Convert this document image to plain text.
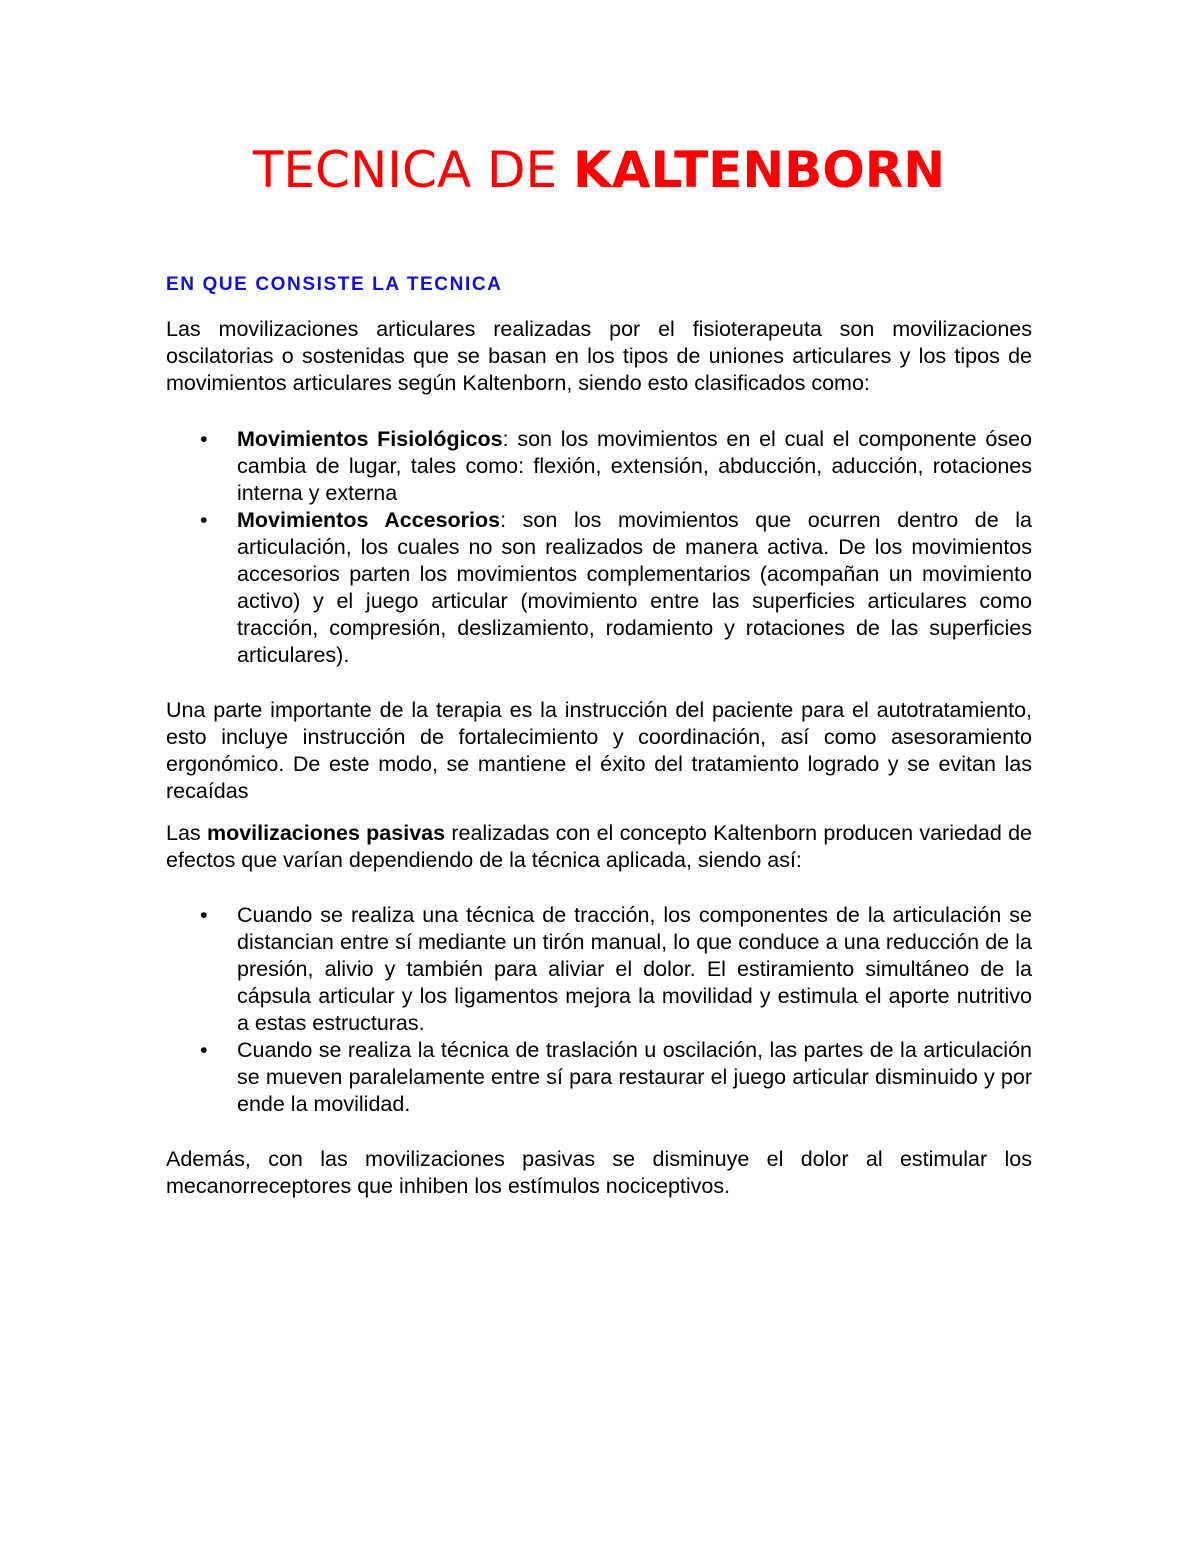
TECNICA DE KALTENBORN
EN QUE CONSISTE LA TECNICA

Las movilizaciones articulares realizadas por el fisioterapeuta son movilizaciones oscilatorias o sostenidas que se basan en los tipos de uniones articulares y los tipos de movimientos articulares según Kaltenborn, siendo esto clasificados como:

• Movimientos Fisiológicos: son los movimientos en el cual el componente óseo cambia de lugar, tales como: flexión, extensión, abducción, aducción, rotaciones interna y externa
• Movimientos Accesorios: son los movimientos que ocurren dentro de la articulación, los cuales no son realizados de manera activa. De los movimientos accesorios parten los movimientos complementarios (acompañan un movimiento activo) y el juego articular (movimiento entre las superficies articulares como tracción, compresión, deslizamiento, rodamiento y rotaciones de las superficies articulares).

Una parte importante de la terapia es la instrucción del paciente para el autotratamiento, esto incluye instrucción de fortalecimiento y coordinación, así como asesoramiento ergonómico. De este modo, se mantiene el éxito del tratamiento logrado y se evitan las recaídas

Las movilizaciones pasivas realizadas con el concepto Kaltenborn producen variedad de efectos que varían dependiendo de la técnica aplicada, siendo así:

• Cuando se realiza una técnica de tracción, los componentes de la articulación se distancian entre sí mediante un tirón manual, lo que conduce a una reducción de la presión, alivio y también para aliviar el dolor. El estiramiento simultáneo de la cápsula articular y los ligamentos mejora la movilidad y estimula el aporte nutritivo a estas estructuras.
• Cuando se realiza la técnica de traslación u oscilación, las partes de la articulación se mueven paralelamente entre sí para restaurar el juego articular disminuido y por ende la movilidad.

Además, con las movilizaciones pasivas se disminuye el dolor al estimular los mecanorreceptores que inhiben los estímulos nociceptivos.
